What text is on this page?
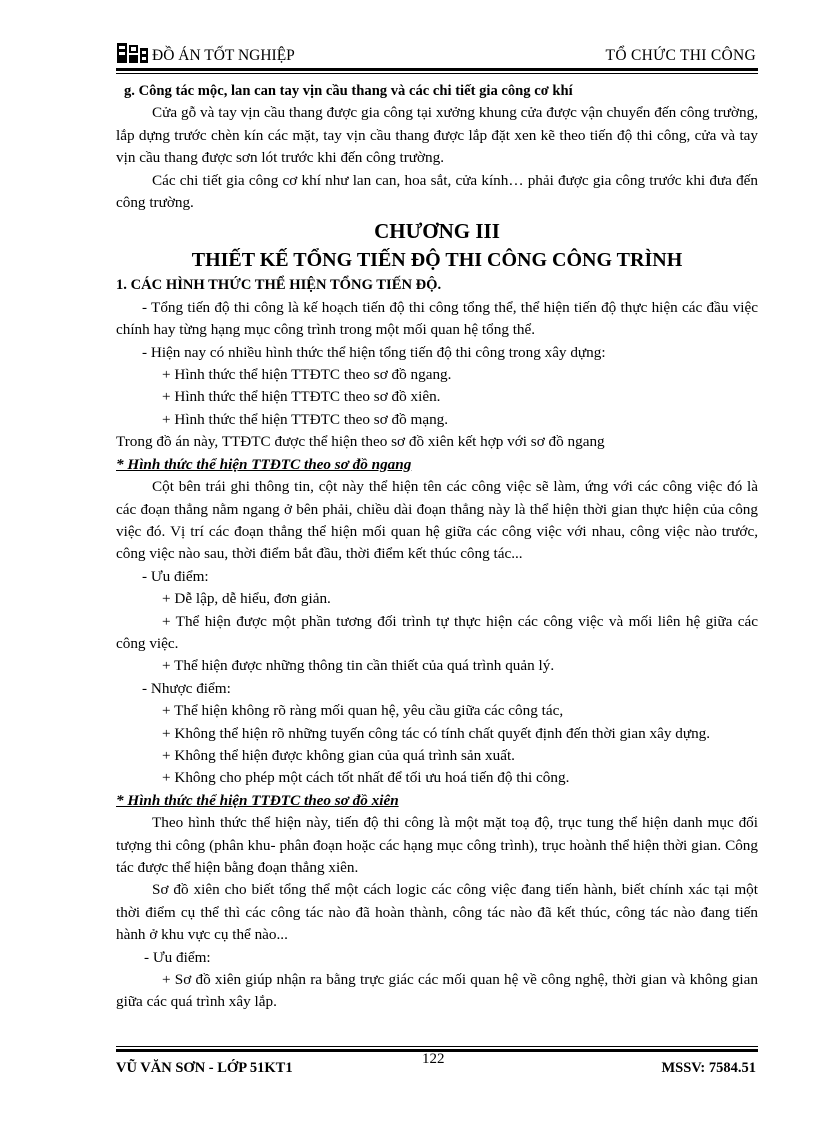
ĐỒ ÁN TỐT NGHIỆP	TỔ CHỨC THI CÔNG
g. Công tác mộc, lan can tay vịn cầu thang và các chi tiết gia công cơ khí

Cửa gỗ và tay vịn cầu thang được gia công tại xưởng khung cửa được vận chuyển đến công trường, lắp dựng trước chèn kín các mặt, tay vịn cầu thang được lắp đặt xen kẽ theo tiến độ thi công, cửa và tay vịn cầu thang được sơn lót trước khi đến công trường.

Các chi tiết gia công cơ khí như lan can, hoa sắt, cửa kính… phải được gia công trước khi đưa đến công trường.

CHƯƠNG III
THIẾT KẾ TỔNG TIẾN ĐỘ THI CÔNG CÔNG TRÌNH
1. CÁC HÌNH THỨC THỂ HIỆN TỔNG TIẾN ĐỘ.

- Tổng tiến độ thi công là kế hoạch tiến độ thi công tổng thể, thể hiện tiến độ thực hiện các đầu việc chính hay từng hạng mục công trình trong một mối quan hệ tổng thể.

- Hiện nay có nhiều hình thức thể hiện tổng tiến độ thi công trong xây dựng:

+ Hình thức thể hiện TTĐTC theo sơ đồ ngang.

+ Hình thức thể hiện TTĐTC theo sơ đồ xiên.

+ Hình thức thể hiện TTĐTC theo sơ đồ mạng.

Trong đồ án này, TTĐTC được thể hiện theo sơ đồ xiên kết hợp với sơ đồ ngang

* Hình thức thể hiện TTĐTC theo sơ đồ ngang

Cột bên trái ghi thông tin, cột này thể hiện tên các công việc sẽ làm, ứng với các công việc đó là các đoạn thẳng nằm ngang ở bên phải, chiều dài đoạn thẳng này là thể hiện thời gian thực hiện của công việc đó. Vị trí các đoạn thẳng thể hiện mối quan hệ giữa các công việc với nhau, công việc nào trước, công việc nào sau, thời điểm bắt đầu, thời điểm kết thúc công tác...

- Ưu điểm:

+ Dễ lập, dễ hiểu, đơn giản.

+ Thể hiện được một phần tương đối trình tự thực hiện các công việc và mối liên hệ giữa các công việc.

+ Thể hiện được những thông tin cần thiết của quá trình quản lý.

- Nhược điểm:

+ Thể hiện không rõ ràng mối quan hệ, yêu cầu giữa các công tác,

+ Không thể hiện rõ những tuyến công tác có tính chất quyết định đến thời gian xây dựng.

+ Không thể hiện được không gian của quá trình sản xuất.

+ Không cho phép một cách tốt nhất để tối ưu hoá tiến độ thi công.

* Hình thức thể hiện TTĐTC theo sơ đồ xiên

Theo hình thức thể hiện này, tiến độ thi công là một mặt toạ độ, trục tung thể hiện danh mục đối tượng thi công (phân khu- phân đoạn hoặc các hạng mục công trình), trục hoành thể hiện thời gian. Công tác được thể hiện bằng đoạn thẳng xiên.

Sơ đồ xiên cho biết tổng thể một cách logic các công việc đang tiến hành, biết chính xác tại một thời điểm cụ thể thì các công tác nào đã hoàn thành, công tác nào đã kết thúc, công tác nào đang tiến hành ở khu vực cụ thể nào...

- Ưu điểm:

+ Sơ đồ xiên giúp nhận ra bằng trực giác các mối quan hệ về công nghệ, thời gian và không gian giữa các quá trình xây lắp.

VŨ VĂN SƠN - LỚP 51KT1
122
MSSV: 7584.51
